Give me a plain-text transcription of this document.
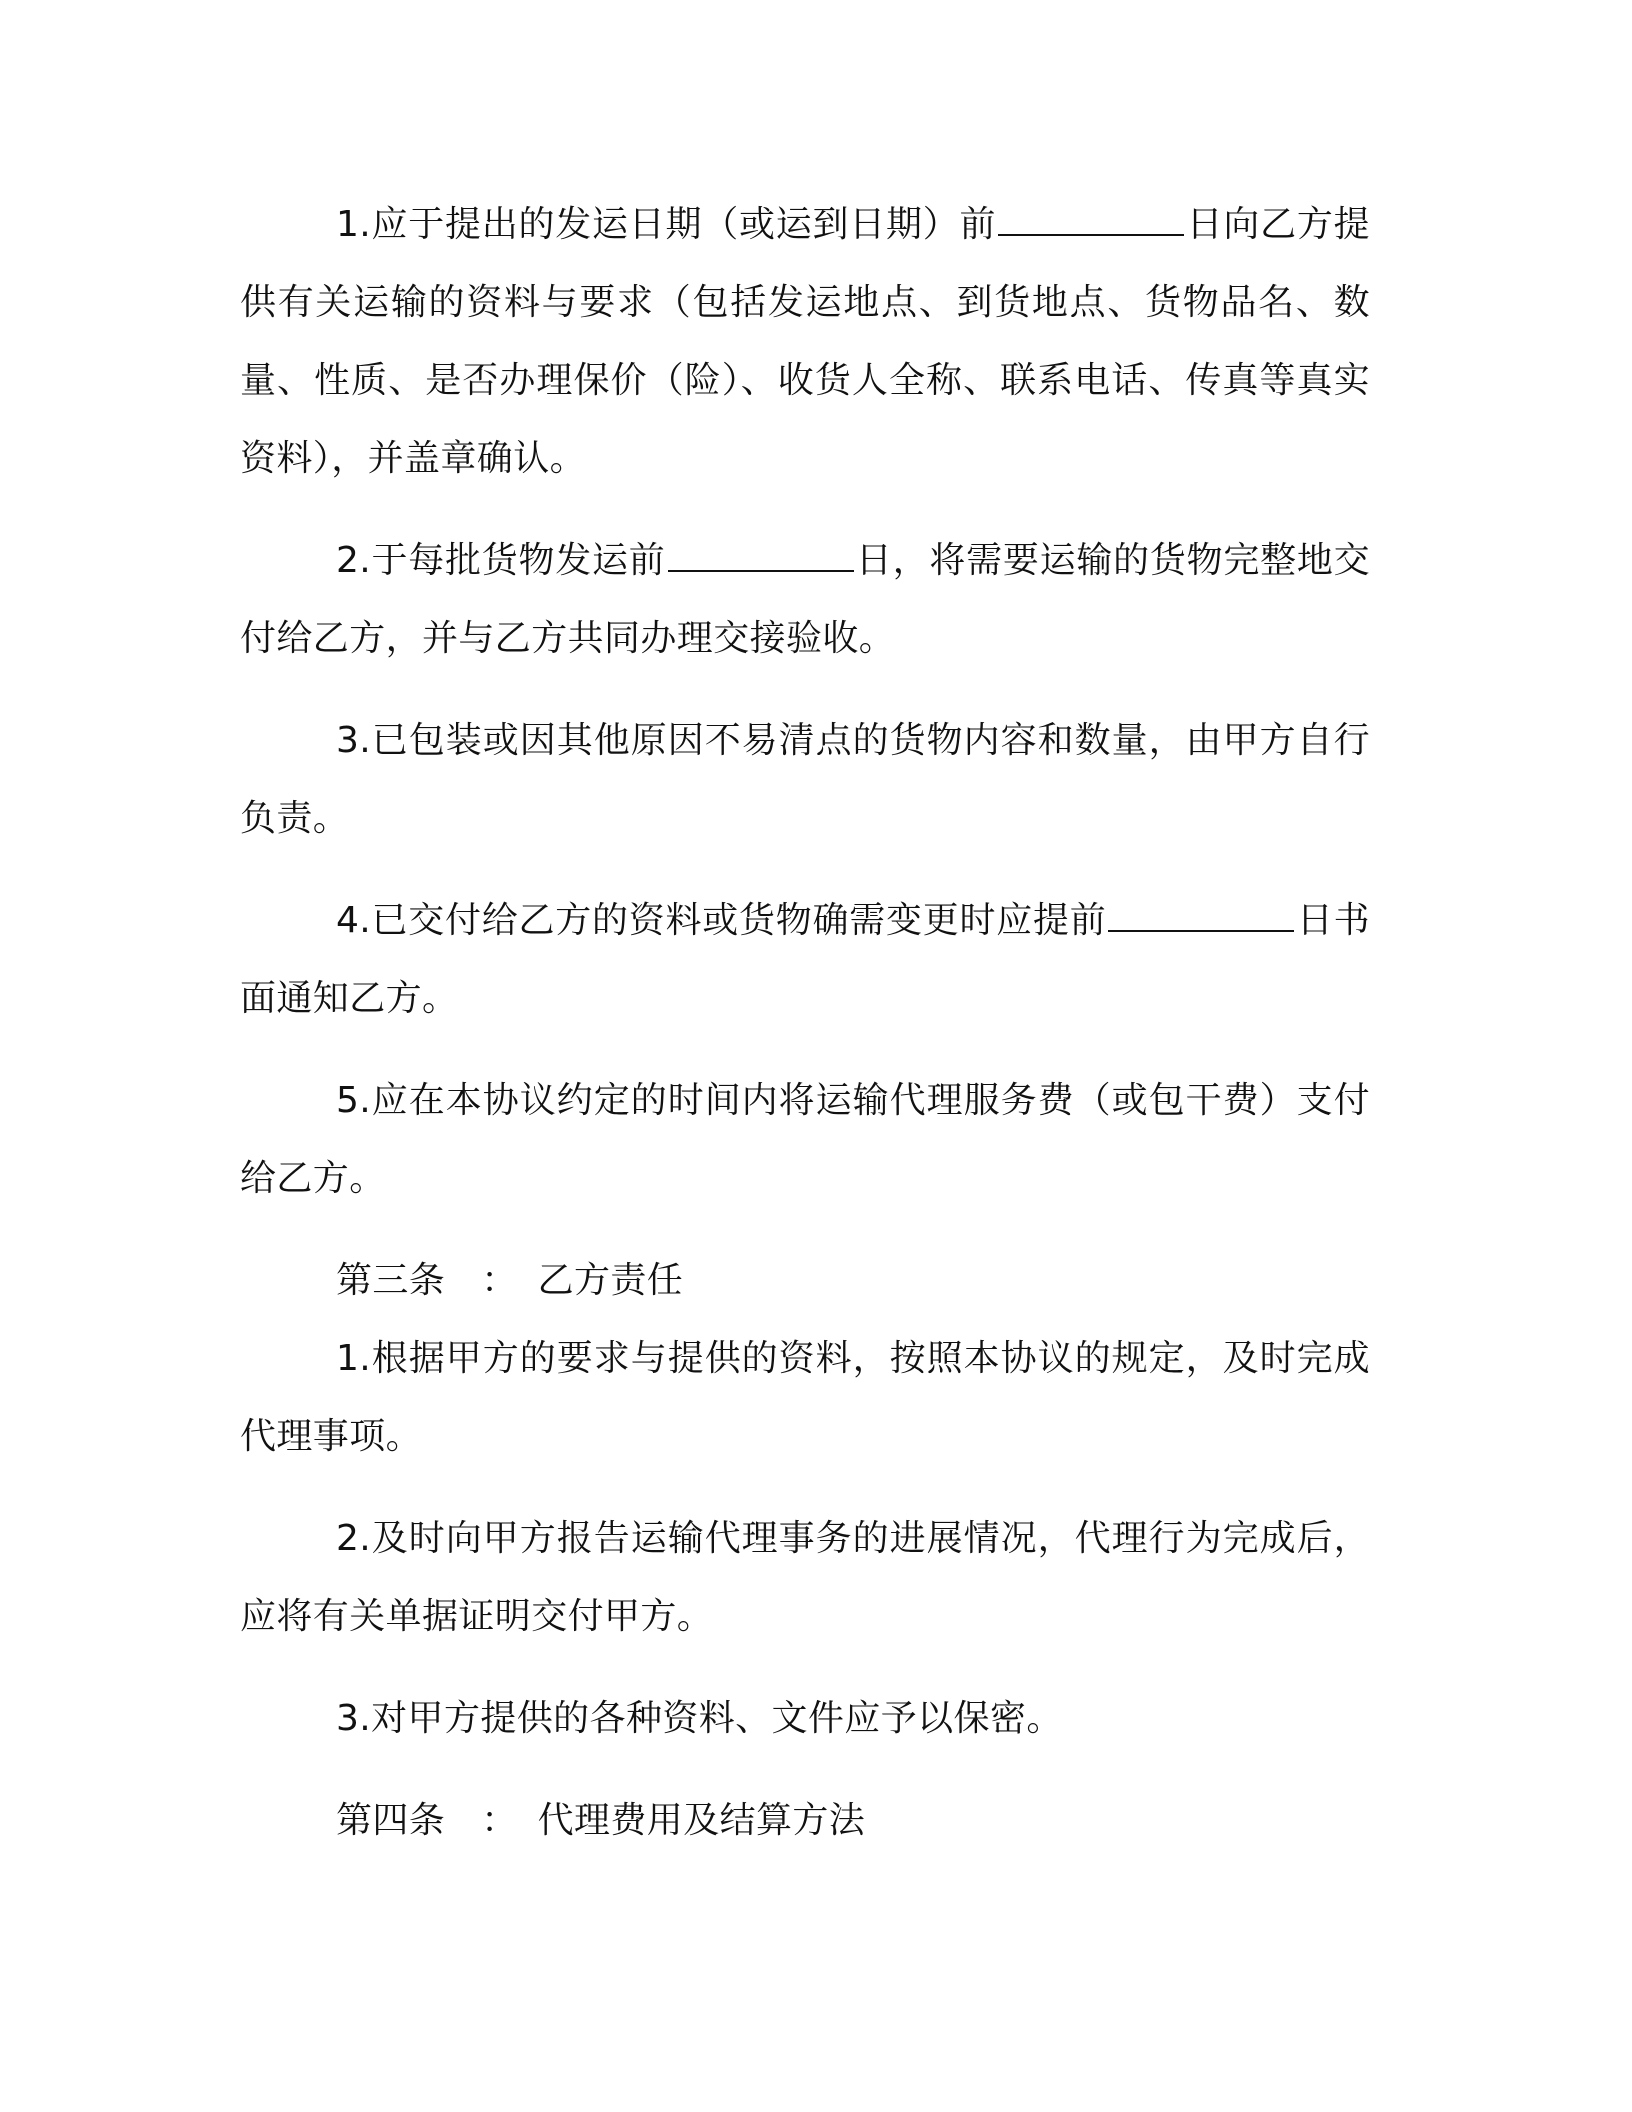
1.应于提出的发运日期（或运到日期）前	日向乙方提供有关运输的资料与要求（包括发运地点、到货地点、货物品名、数量、性质、是否办理保价（险）、收货人全称、联系电话、传真等真实资料），并盖章确认。

2.于每批货物发运前	日，将需要运输的货物完整地交付给乙方，并与乙方共同办理交接验收。

3.已包装或因其他原因不易清点的货物内容和数量，由甲方自行负责。

4.已交付给乙方的资料或货物确需变更时应提前	日书面通知乙方。

5.应在本协议约定的时间内将运输代理服务费（或包干费）支付给乙方。

第三条 ： 乙方责任

1.根据甲方的要求与提供的资料，按照本协议的规定，及时完成代理事项。

2.及时向甲方报告运输代理事务的进展情况，代理行为完成后，应将有关单据证明交付甲方。

3.对甲方提供的各种资料、文件应予以保密。

第四条 ： 代理费用及结算方法
